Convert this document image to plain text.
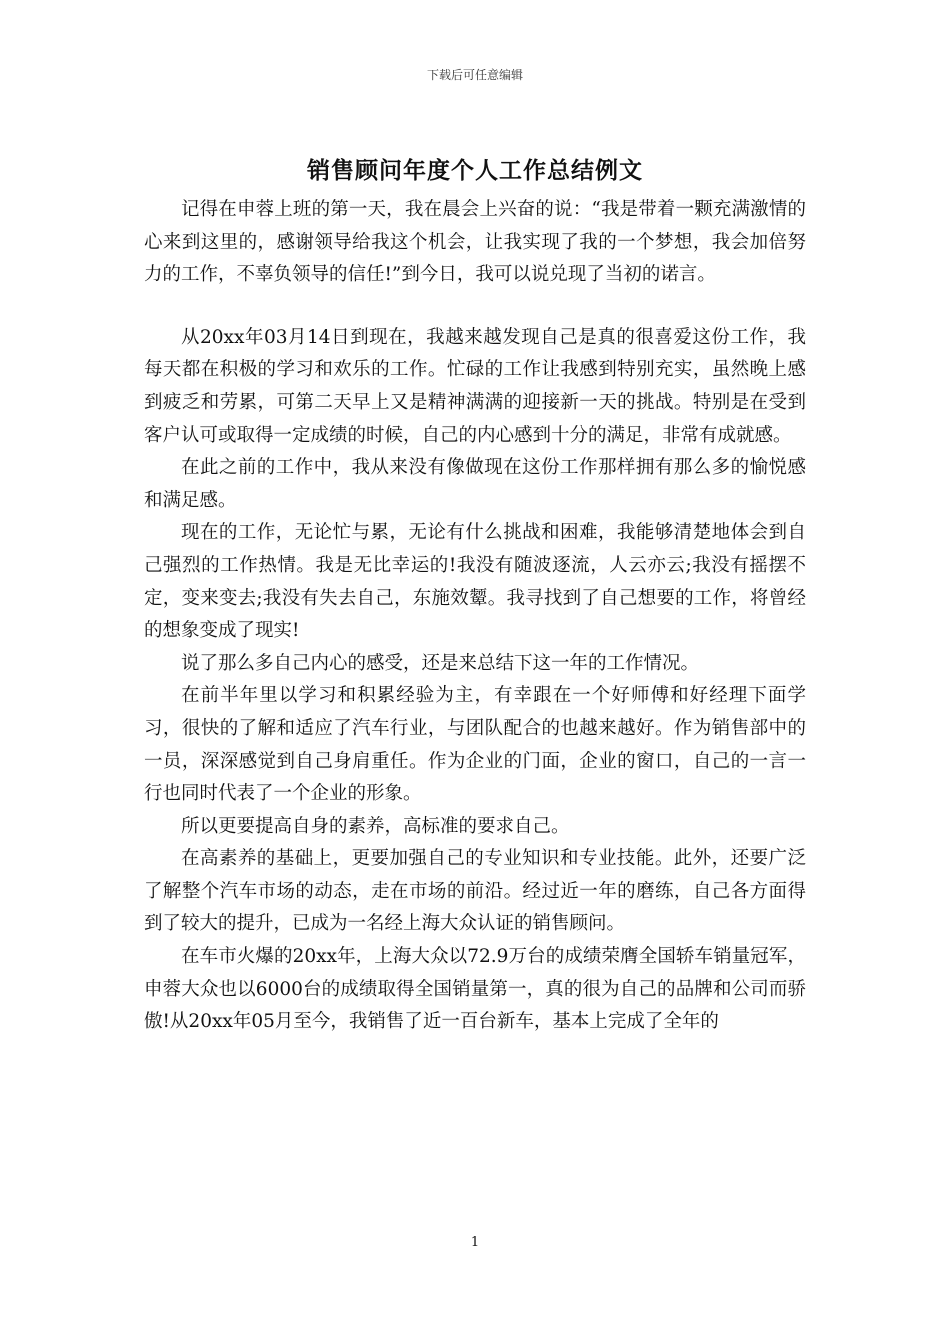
下载后可任意编辑
销售顾问年度个人工作总结例文

记得在申蓉上班的第一天，我在晨会上兴奋的说：“我是带着一颗充满激情的心来到这里的，感谢领导给我这个机会，让我实现了我的一个梦想，我会加倍努力的工作，不辜负领导的信任!”到今日，我可以说兑现了当初的诺言。

从20xx年03月14日到现在，我越来越发现自己是真的很喜爱这份工作，我每天都在积极的学习和欢乐的工作。忙碌的工作让我感到特别充实，虽然晚上感到疲乏和劳累，可第二天早上又是精神满满的迎接新一天的挑战。特别是在受到客户认可或取得一定成绩的时候，自己的内心感到十分的满足，非常有成就感。

在此之前的工作中，我从来没有像做现在这份工作那样拥有那么多的愉悦感和满足感。

现在的工作，无论忙与累，无论有什么挑战和困难，我能够清楚地体会到自己强烈的工作热情。我是无比幸运的!我没有随波逐流，人云亦云;我没有摇摆不定，变来变去;我没有失去自己，东施效颦。我寻找到了自己想要的工作，将曾经的想象变成了现实!

说了那么多自己内心的感受，还是来总结下这一年的工作情况。

在前半年里以学习和积累经验为主，有幸跟在一个好师傅和好经理下面学习，很快的了解和适应了汽车行业，与团队配合的也越来越好。作为销售部中的一员，深深感觉到自己身肩重任。作为企业的门面，企业的窗口，自己的一言一行也同时代表了一个企业的形象。

所以更要提高自身的素养，高标准的要求自己。

在高素养的基础上，更要加强自己的专业知识和专业技能。此外，还要广泛了解整个汽车市场的动态，走在市场的前沿。经过近一年的磨练，自己各方面得到了较大的提升，已成为一名经上海大众认证的销售顾问。

在车市火爆的20xx年，上海大众以72.9万台的成绩荣膺全国轿车销量冠军，申蓉大众也以6000台的成绩取得全国销量第一，真的很为自己的品牌和公司而骄傲!从20xx年05月至今，我销售了近一百台新车，基本上完成了全年的

1
